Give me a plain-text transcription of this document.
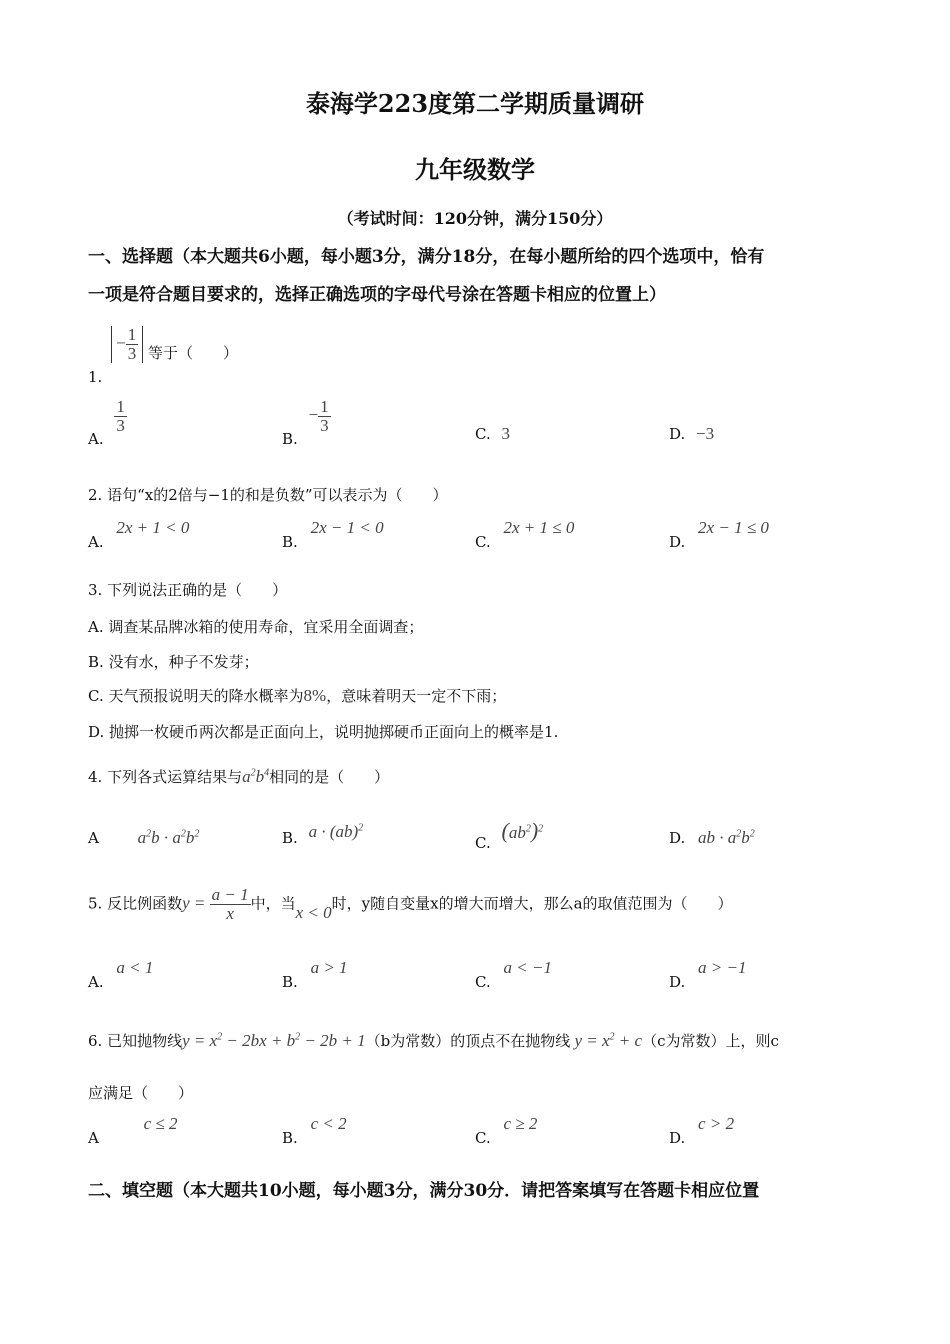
泰海学223度第二学期质量调研
九年级数学
（考试时间：120分钟，满分150分）
一、选择题（本大题共6小题，每小题3分，满分18分，在每小题所给的四个选项中，恰有
一项是符合题目要求的，选择正确选项的字母代号涂在答题卡相应的位置上）
1. − $\frac{1}{3}$ 等于（　　）
A.
$\frac{1}{3}$
B. − $\frac{1}{3}$	C. 3	D. −3
2. 语句“x的2倍与−1的和是负数”可以表示为（　　）
A. 2x + 1 < 0
B. 2x − 1 < 0
C. 2x + 1 ≤ 0
D. 2x − 1 ≤ 0
3. 下列说法正确的是（　　）
A. 调查某品牌冰箱的使用寿命，宜采用全面调查；
B. 没有水，种子不发芽；
C. 天气预报说明天的降水概率为8%，意味着明天一定不下雨；
D. 抛掷一枚硬币两次都是正面向上，说明抛掷硬币正面向上的概率是1.
4. 下列各式运算结果与$a^2b^4$相同的是（　　）
A $a^2b \cdot a^2b^2$	B. a · (ab)$^2$
C. $(ab^2)^2$
D. ab · $a^2b^2$
5. 反比例函数$y = \frac{a - 1}{x}$ 中，当x < 0时，y随自变量x的增大而增大，那么a的取值范围为（　　）
A. a < 1
B. a > 1
C. a < −1
D. a > −1
6. 已知抛物线$y = x^2 - 2bx + b^2 - 2b + 1(b$为常数）的顶点不在抛物线 $y = x^2 + c(c$为常数）上，则c
应满足（　　）
A c ≤ 2
B. c < 2
C. c ≥ 2
D. c > 2
二、填空题（本大题共10小题，每小题3分，满分30分．请把答案填写在答题卡相应位置
